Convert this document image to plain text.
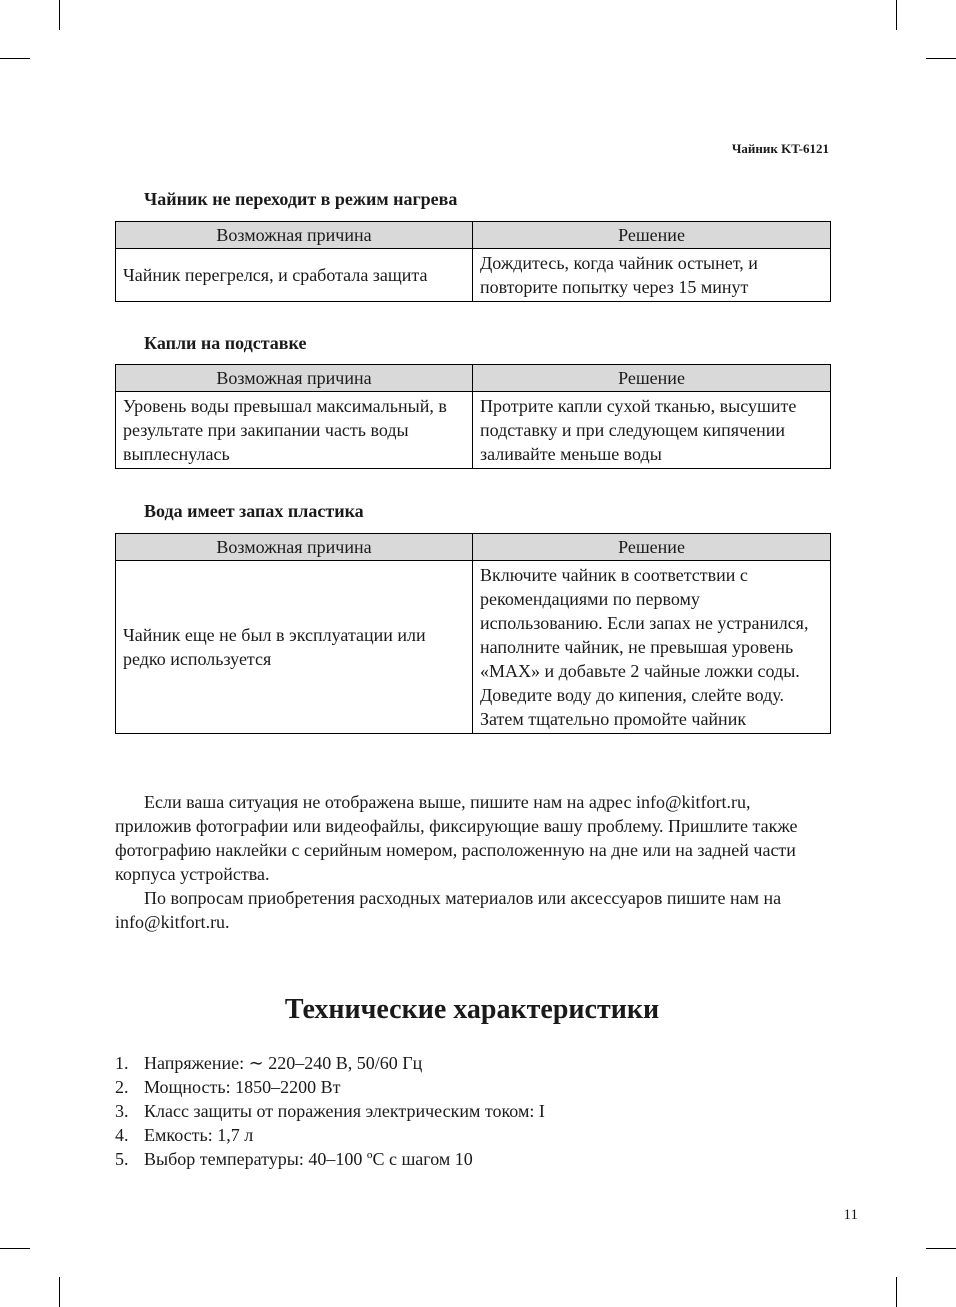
Чайник KT-6121
Чайник не переходит в режим нагрева
Возможная причина	Решение
Чайник перегрелся, и сработала защита	Дождитесь, когда чайник остынет, и повторите попытку через 15 минут
Капли на подставке
Возможная причина	Решение
Уровень воды превышал максимальный, в результате при закипании часть воды выплеснулась	Протрите капли сухой тканью, высушите подставку и при следующем кипячении заливайте меньше воды
Вода имеет запах пластика
Возможная причина	Решение
Чайник еще не был в эксплуатации или редко используется	Включите чайник в соответствии с рекомендациями по первому использованию. Если запах не устранился, наполните чайник, не превышая уровень «MAX» и добавьте 2 чайные ложки соды. Доведите воду до кипения, слейте воду. Затем тщательно промойте чайник

Если ваша ситуация не отображена выше, пишите нам на адрес info@kitfort.ru, приложив фотографии или видеофайлы, фиксирующие вашу проблему. Пришлите также фотографию наклейки с серийным номером, расположенную на дне или на задней части корпуса устройства.

По вопросам приобретения расходных материалов или аксессуаров пишите нам на info@kitfort.ru.

Технические характеристики
1. Напряжение: ∼ 220–240 В, 50/60 Гц
2. Мощность: 1850–2200 Вт
3. Класс защиты от поражения электрическим током: I
4. Емкость: 1,7 л
5. Выбор температуры: 40–100 ºC с шагом 10
11
